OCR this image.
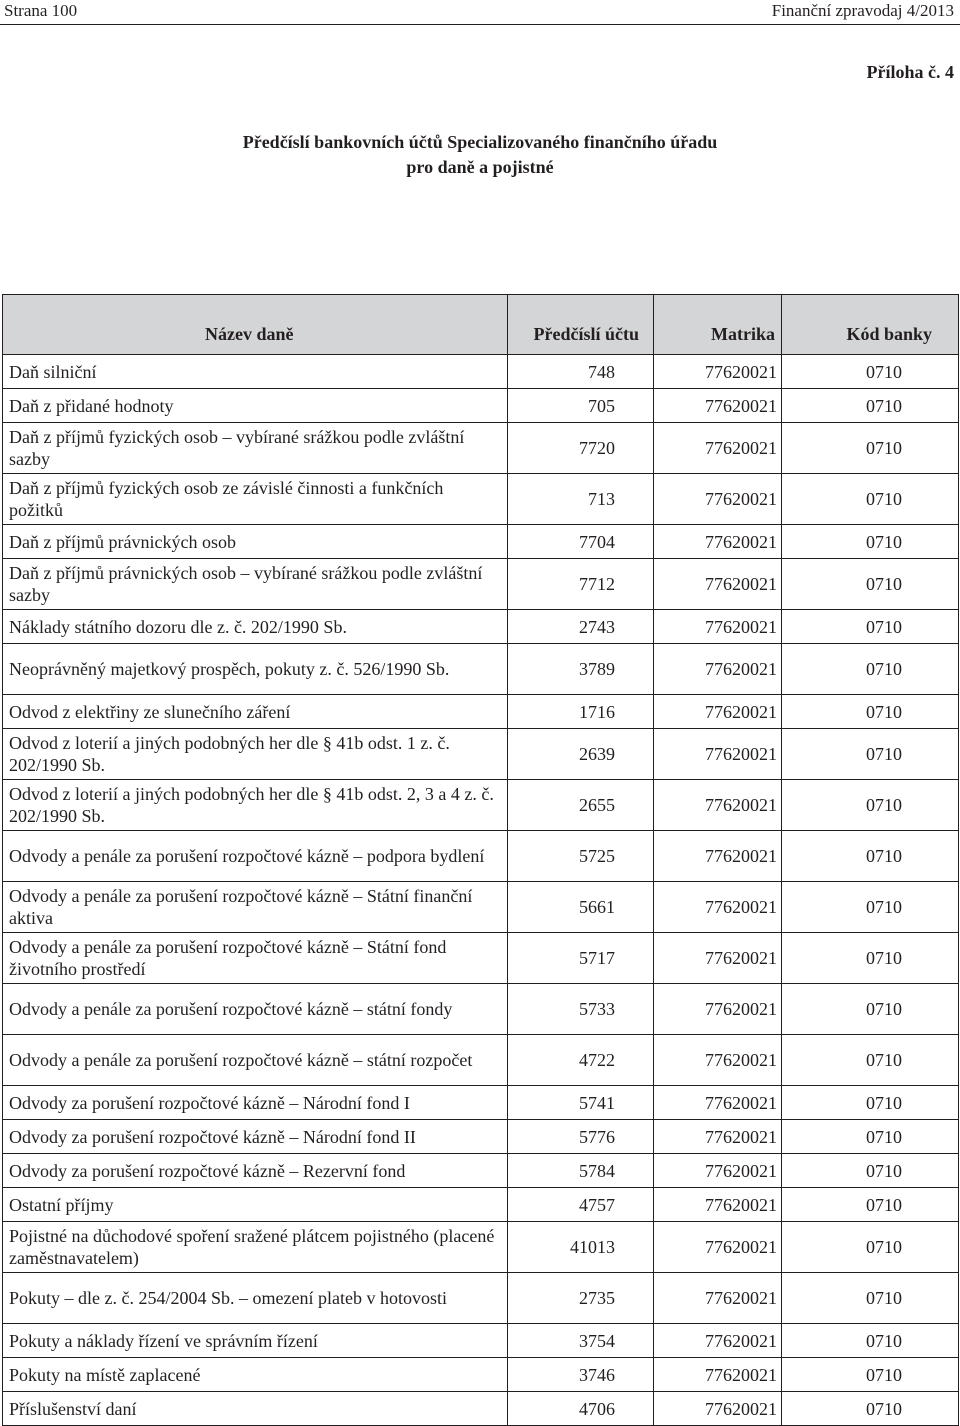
Strana 100	Finanční zpravodaj 4/2013
Příloha č. 4
Předčíslí bankovních účtů Specializovaného finančního úřadu
pro daně a pojistné
Název daně	Předčíslí účtu	Matrika	Kód banky
Daň silniční	748	77620021	0710
Daň z přidané hodnoty	705	77620021	0710
Daň z příjmů fyzických osob – vybírané srážkou podle zvláštní sazby	7720	77620021	0710
Daň z příjmů fyzických osob ze závislé činnosti a funkčních požitků	713	77620021	0710
Daň z příjmů právnických osob	7704	77620021	0710
Daň z příjmů právnických osob – vybírané srážkou podle zvláštní sazby	7712	77620021	0710
Náklady státního dozoru dle z. č. 202/1990 Sb.	2743	77620021	0710
Neoprávněný majetkový prospěch, pokuty z. č. 526/1990 Sb.	3789	77620021	0710
Odvod z elektřiny ze slunečního záření	1716	77620021	0710
Odvod z loterií a jiných podobných her dle § 41b odst. 1 z. č. 202/1990 Sb.	2639	77620021	0710
Odvod z loterií a jiných podobných her dle § 41b odst. 2, 3 a 4 z. č. 202/1990 Sb.	2655	77620021	0710
Odvody a penále za porušení rozpočtové kázně – podpora bydlení	5725	77620021	0710
Odvody a penále za porušení rozpočtové kázně – Státní finanční aktiva	5661	77620021	0710
Odvody a penále za porušení rozpočtové kázně – Státní fond životního prostředí	5717	77620021	0710
Odvody a penále za porušení rozpočtové kázně – státní fondy	5733	77620021	0710
Odvody a penále za porušení rozpočtové kázně – státní rozpočet	4722	77620021	0710
Odvody za porušení rozpočtové kázně – Národní fond I	5741	77620021	0710
Odvody za porušení rozpočtové kázně – Národní fond II	5776	77620021	0710
Odvody za porušení rozpočtové kázně – Rezervní fond	5784	77620021	0710
Ostatní příjmy	4757	77620021	0710
Pojistné na důchodové spoření sražené plátcem pojistného (placené zaměstnavatelem)	41013	77620021	0710
Pokuty – dle z. č. 254/2004 Sb. – omezení plateb v hotovosti	2735	77620021	0710
Pokuty a náklady řízení ve správním řízení	3754	77620021	0710
Pokuty na místě zaplacené	3746	77620021	0710
Příslušenství daní	4706	77620021	0710
